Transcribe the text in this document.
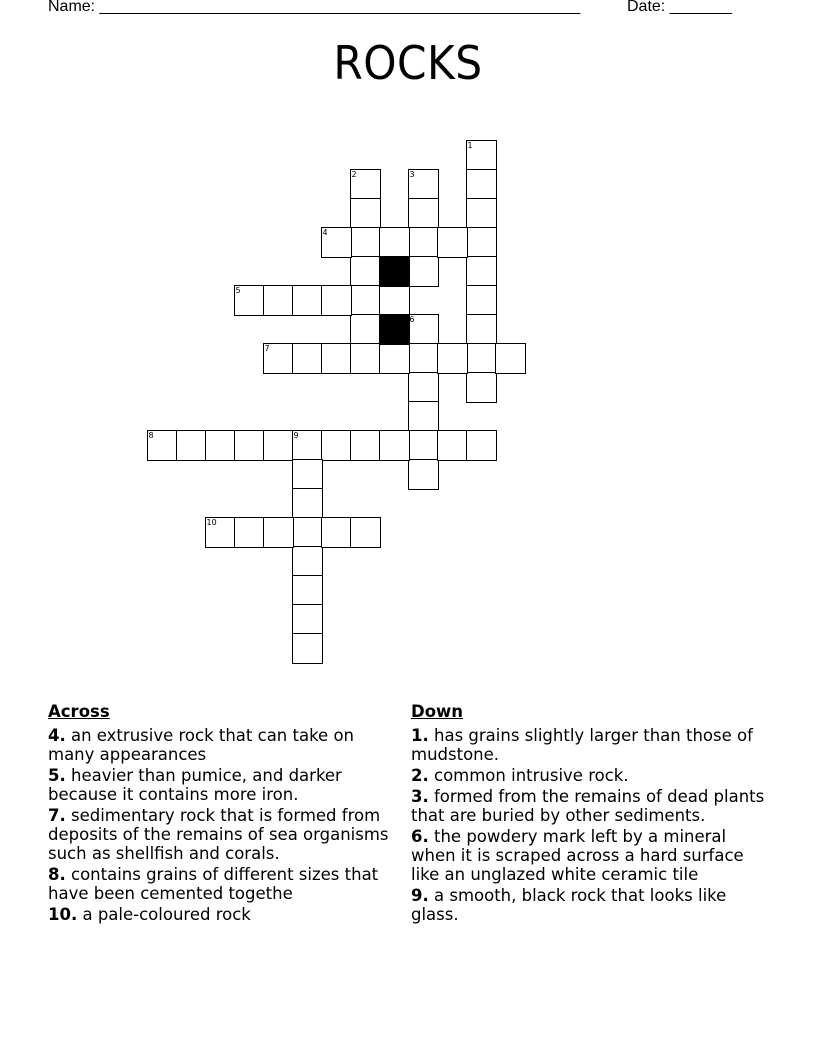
Name: ______________________________________________________	Date: _______
ROCKS
1
2	3
4
5
6
7
8	9
10
Across	Down
4. an extrusive rock that can take on many appearances
5. heavier than pumice, and darker because it contains more iron.
7. sedimentary rock that is formed from deposits of the remains of sea organisms such as shellfish and corals.
8. contains grains of different sizes that have been cemented togethe
10. a pale-coloured rock
1. has grains slightly larger than those of mudstone.
2. common intrusive rock.
3. formed from the remains of dead plants that are buried by other sediments.
6. the powdery mark left by a mineral when it is scraped across a hard surface like an unglazed white ceramic tile
9. a smooth, black rock that looks like glass.
